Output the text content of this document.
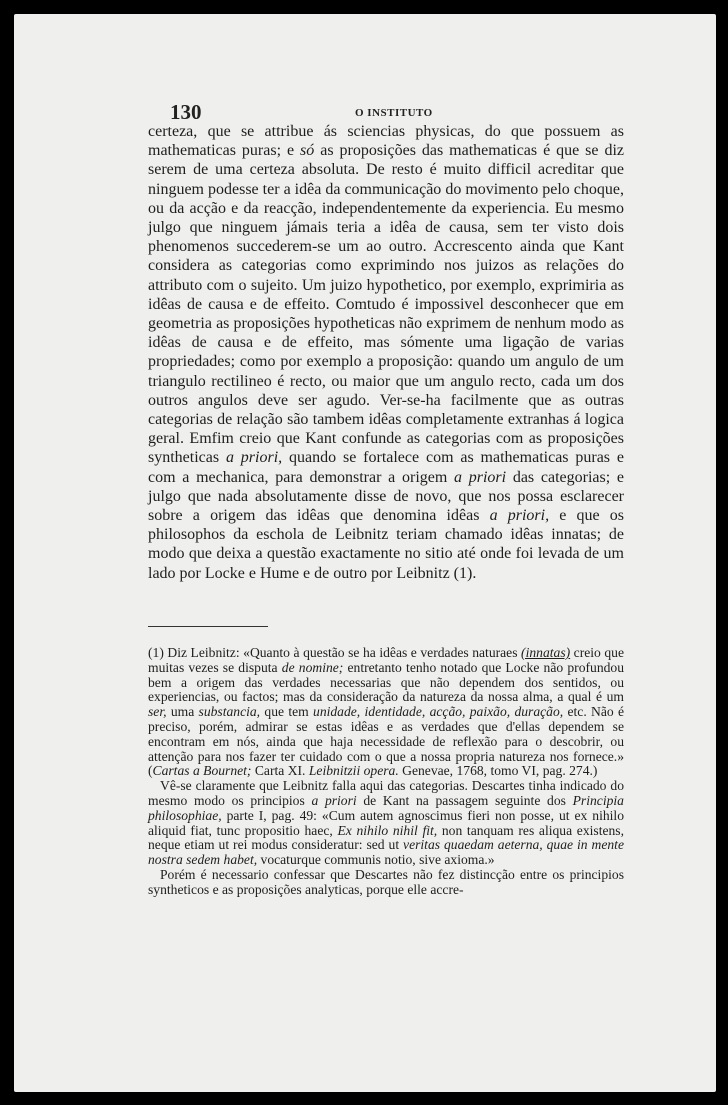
130	O INSTITUTO

certeza, que se attribue ás sciencias physicas, do que possuem as mathematicas puras; e só as proposições das mathematicas é que se diz serem de uma certeza absoluta. De resto é muito difficil acreditar que ninguem podesse ter a idêa da communicação do movimento pelo choque, ou da acção e da reacção, independentemente da experiencia. Eu mesmo julgo que ninguem jámais teria a idêa de causa, sem ter visto dois phenomenos succederem-se um ao outro. Accrescento ainda que Kant considera as categorias como exprimindo nos juizos as relações do attributo com o sujeito. Um juizo hypothetico, por exemplo, exprimiria as idêas de causa e de effeito. Comtudo é impossivel desconhecer que em geometria as proposições hypotheticas não exprimem de nenhum modo as idêas de causa e de effeito, mas sómente uma ligação de varias propriedades; como por exemplo a proposição: quando um angulo de um triangulo rectilineo é recto, ou maior que um angulo recto, cada um dos outros angulos deve ser agudo. Ver-se-ha facilmente que as outras categorias de relação são tambem idêas completamente extranhas á logica geral. Emfim creio que Kant confunde as categorias com as proposições syntheticas a priori, quando se fortalece com as mathematicas puras e com a mechanica, para demonstrar a origem a priori das categorias; e julgo que nada absolutamente disse de novo, que nos possa esclarecer sobre a origem das idêas que denomina idêas a priori, e que os philosophos da escholа de Leibnitz teriam chamado idêas innatas; de modo que deixa a questão exactamente no sitio até onde foi levada de um lado por Locke e Hume e de outro por Leibnitz (1).

(1) Diz Leibnitz: «Quanto à questão se ha idêas e verdades naturaes (innatas) creio que muitas vezes se disputa de nomine; entretanto tenho notado que Locke não profundou bem a origem das verdades necessarias que não dependem dos sentidos, ou experiencias, ou factos; mas da consideração da natureza da nossa alma, a qual é um ser, uma substancia, que tem unidade, identidade, acção, paixão, duração, etc. Não é preciso, porém, admirar se estas idêas e as verdades que d'ellas dependem se encontram em nós, ainda que haja necessidade de reflexão para o descobrir, ou attenção para nos fazer ter cuidado com o que a nossa propria natureza nos fornece.» (Cartas a Bournet; Carta XI. Leibnitzii opera. Genevae, 1768, tomo VI, pag. 274.)

Vê-se claramente que Leibnitz falla aqui das categorias. Descartes tinha indicado do mesmo modo os principios a priori de Kant na passagem seguinte dos Principia philosophiae, parte I, pag. 49: «Cum autem agnoscimus fieri non posse, ut ex nihilo aliquid fiat, tunc propositio haec, Ex nihilo nihil fit, non tanquam res aliqua existens, neque etiam ut rei modus consideratur: sed ut veritas quaedam aeterna, quae in mente nostra sedem habet, vocaturque communis notio, sive axioma.»

Porém é necessario confessar que Descartes não fez distincção entre os principios syntheticos e as proposições analyticas, porque elle accre-
